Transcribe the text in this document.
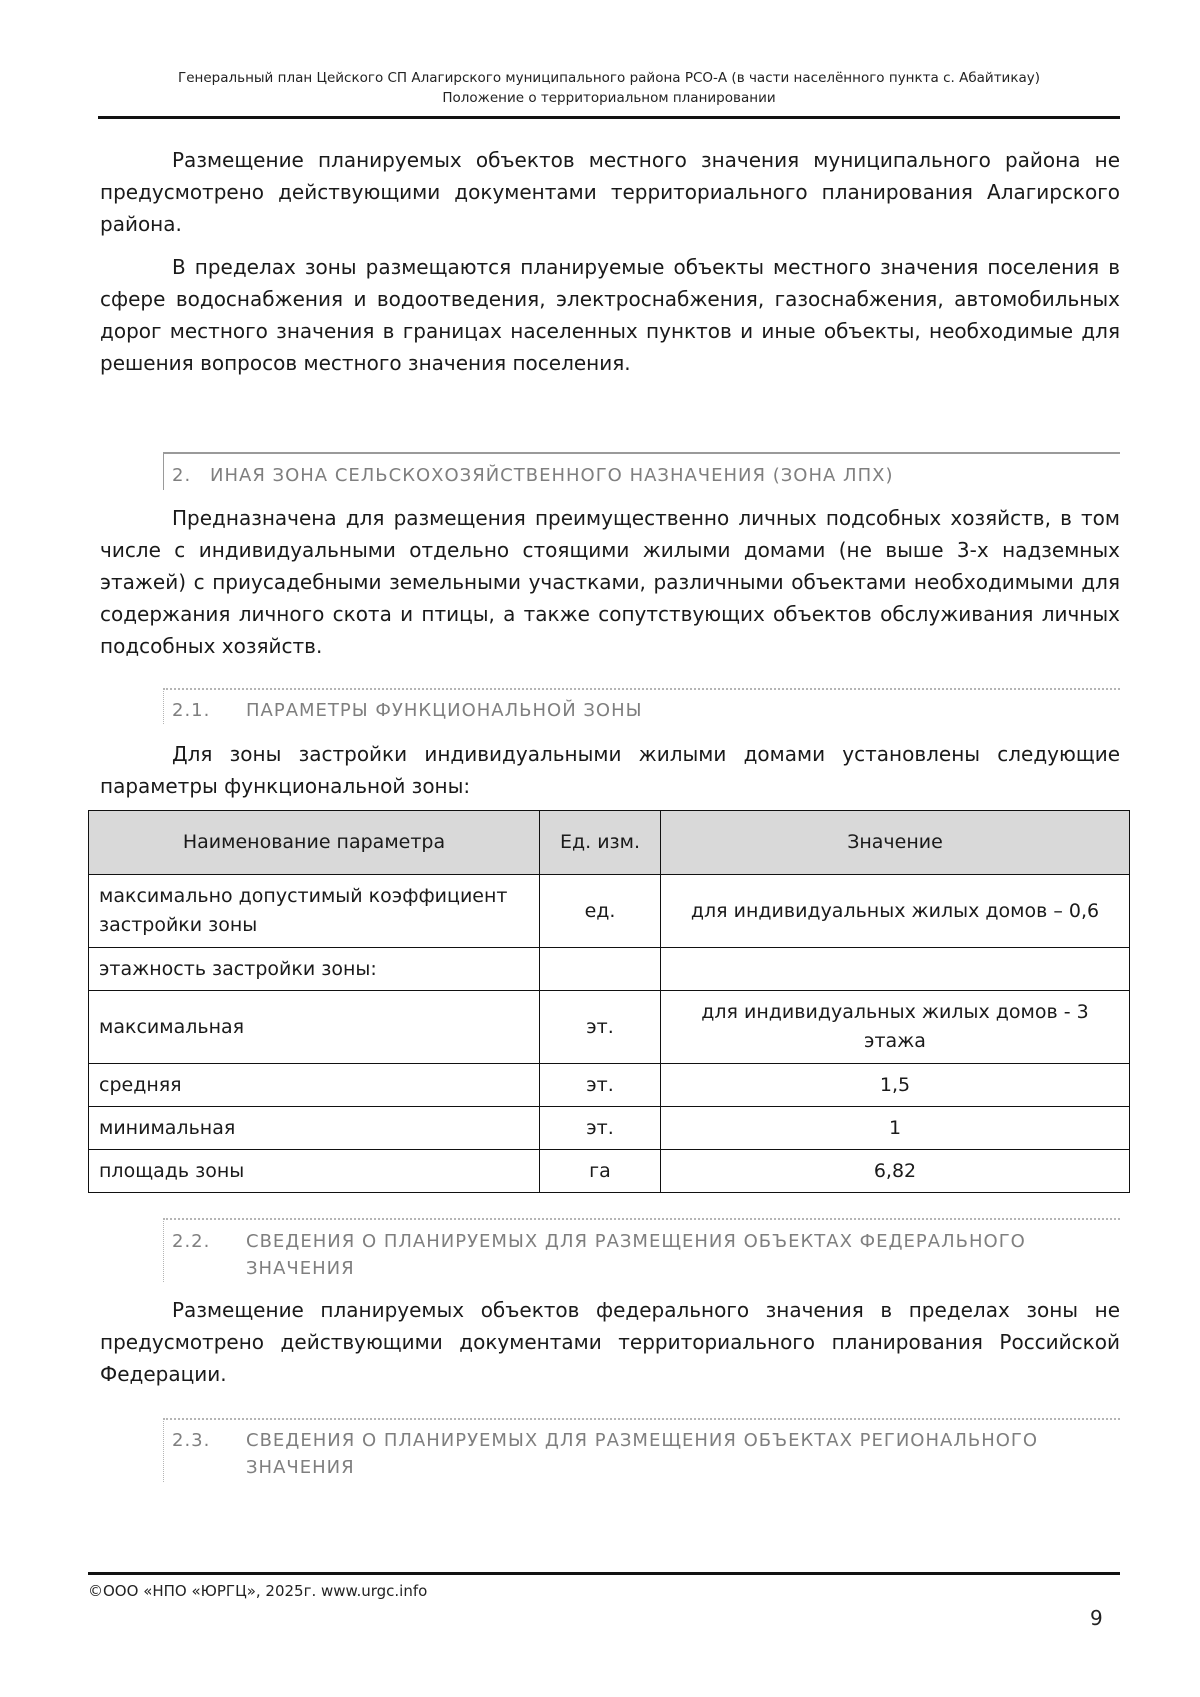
Генеральный план Цейского СП Алагирского муниципального района РСО-А (в части населённого пункта с. Абайтикау)
Положение о территориальном планировании

Размещение планируемых объектов местного значения муниципального района не предусмотрено действующими документами территориального планирования Алагирского района.

В пределах зоны размещаются планируемые объекты местного значения поселения в сфере водоснабжения и водоотведения, электроснабжения, газоснабжения, автомобильных дорог местного значения в границах населенных пунктов и иные объекты, необходимые для решения вопросов местного значения поселения.

2. ИНАЯ ЗОНА СЕЛЬСКОХОЗЯЙСТВЕННОГО НАЗНАЧЕНИЯ (ЗОНА ЛПХ)

Предназначена для размещения преимущественно личных подсобных хозяйств, в том числе с индивидуальными отдельно стоящими жилыми домами (не выше 3-х надземных этажей) с приусадебными земельными участками, различными объектами необходимыми для содержания личного скота и птицы, а также сопутствующих объектов обслуживания личных подсобных хозяйств.

2.1. ПАРАМЕТРЫ ФУНКЦИОНАЛЬНОЙ ЗОНЫ

Для зоны застройки индивидуальными жилыми домами установлены следующие параметры функциональной зоны:

Наименование параметра	Ед. изм.	Значение
максимально допустимый коэффициент застройки зоны	ед.	для индивидуальных жилых домов – 0,6
этажность застройки зоны:		
максимальная	эт.	для индивидуальных жилых домов - 3 этажа
средняя	эт.	1,5
минимальная	эт.	1
площадь зоны	га	6,82
2.2. СВЕДЕНИЯ О ПЛАНИРУЕМЫХ ДЛЯ РАЗМЕЩЕНИЯ ОБЪЕКТАХ ФЕДЕРАЛЬНОГО ЗНАЧЕНИЯ

Размещение планируемых объектов федерального значения в пределах зоны не предусмотрено действующими документами территориального планирования Российской Федерации.

2.3. СВЕДЕНИЯ О ПЛАНИРУЕМЫХ ДЛЯ РАЗМЕЩЕНИЯ ОБЪЕКТАХ РЕГИОНАЛЬНОГО ЗНАЧЕНИЯ
©ООО «НПО «ЮРГЦ», 2025г. www.urgc.info
9
